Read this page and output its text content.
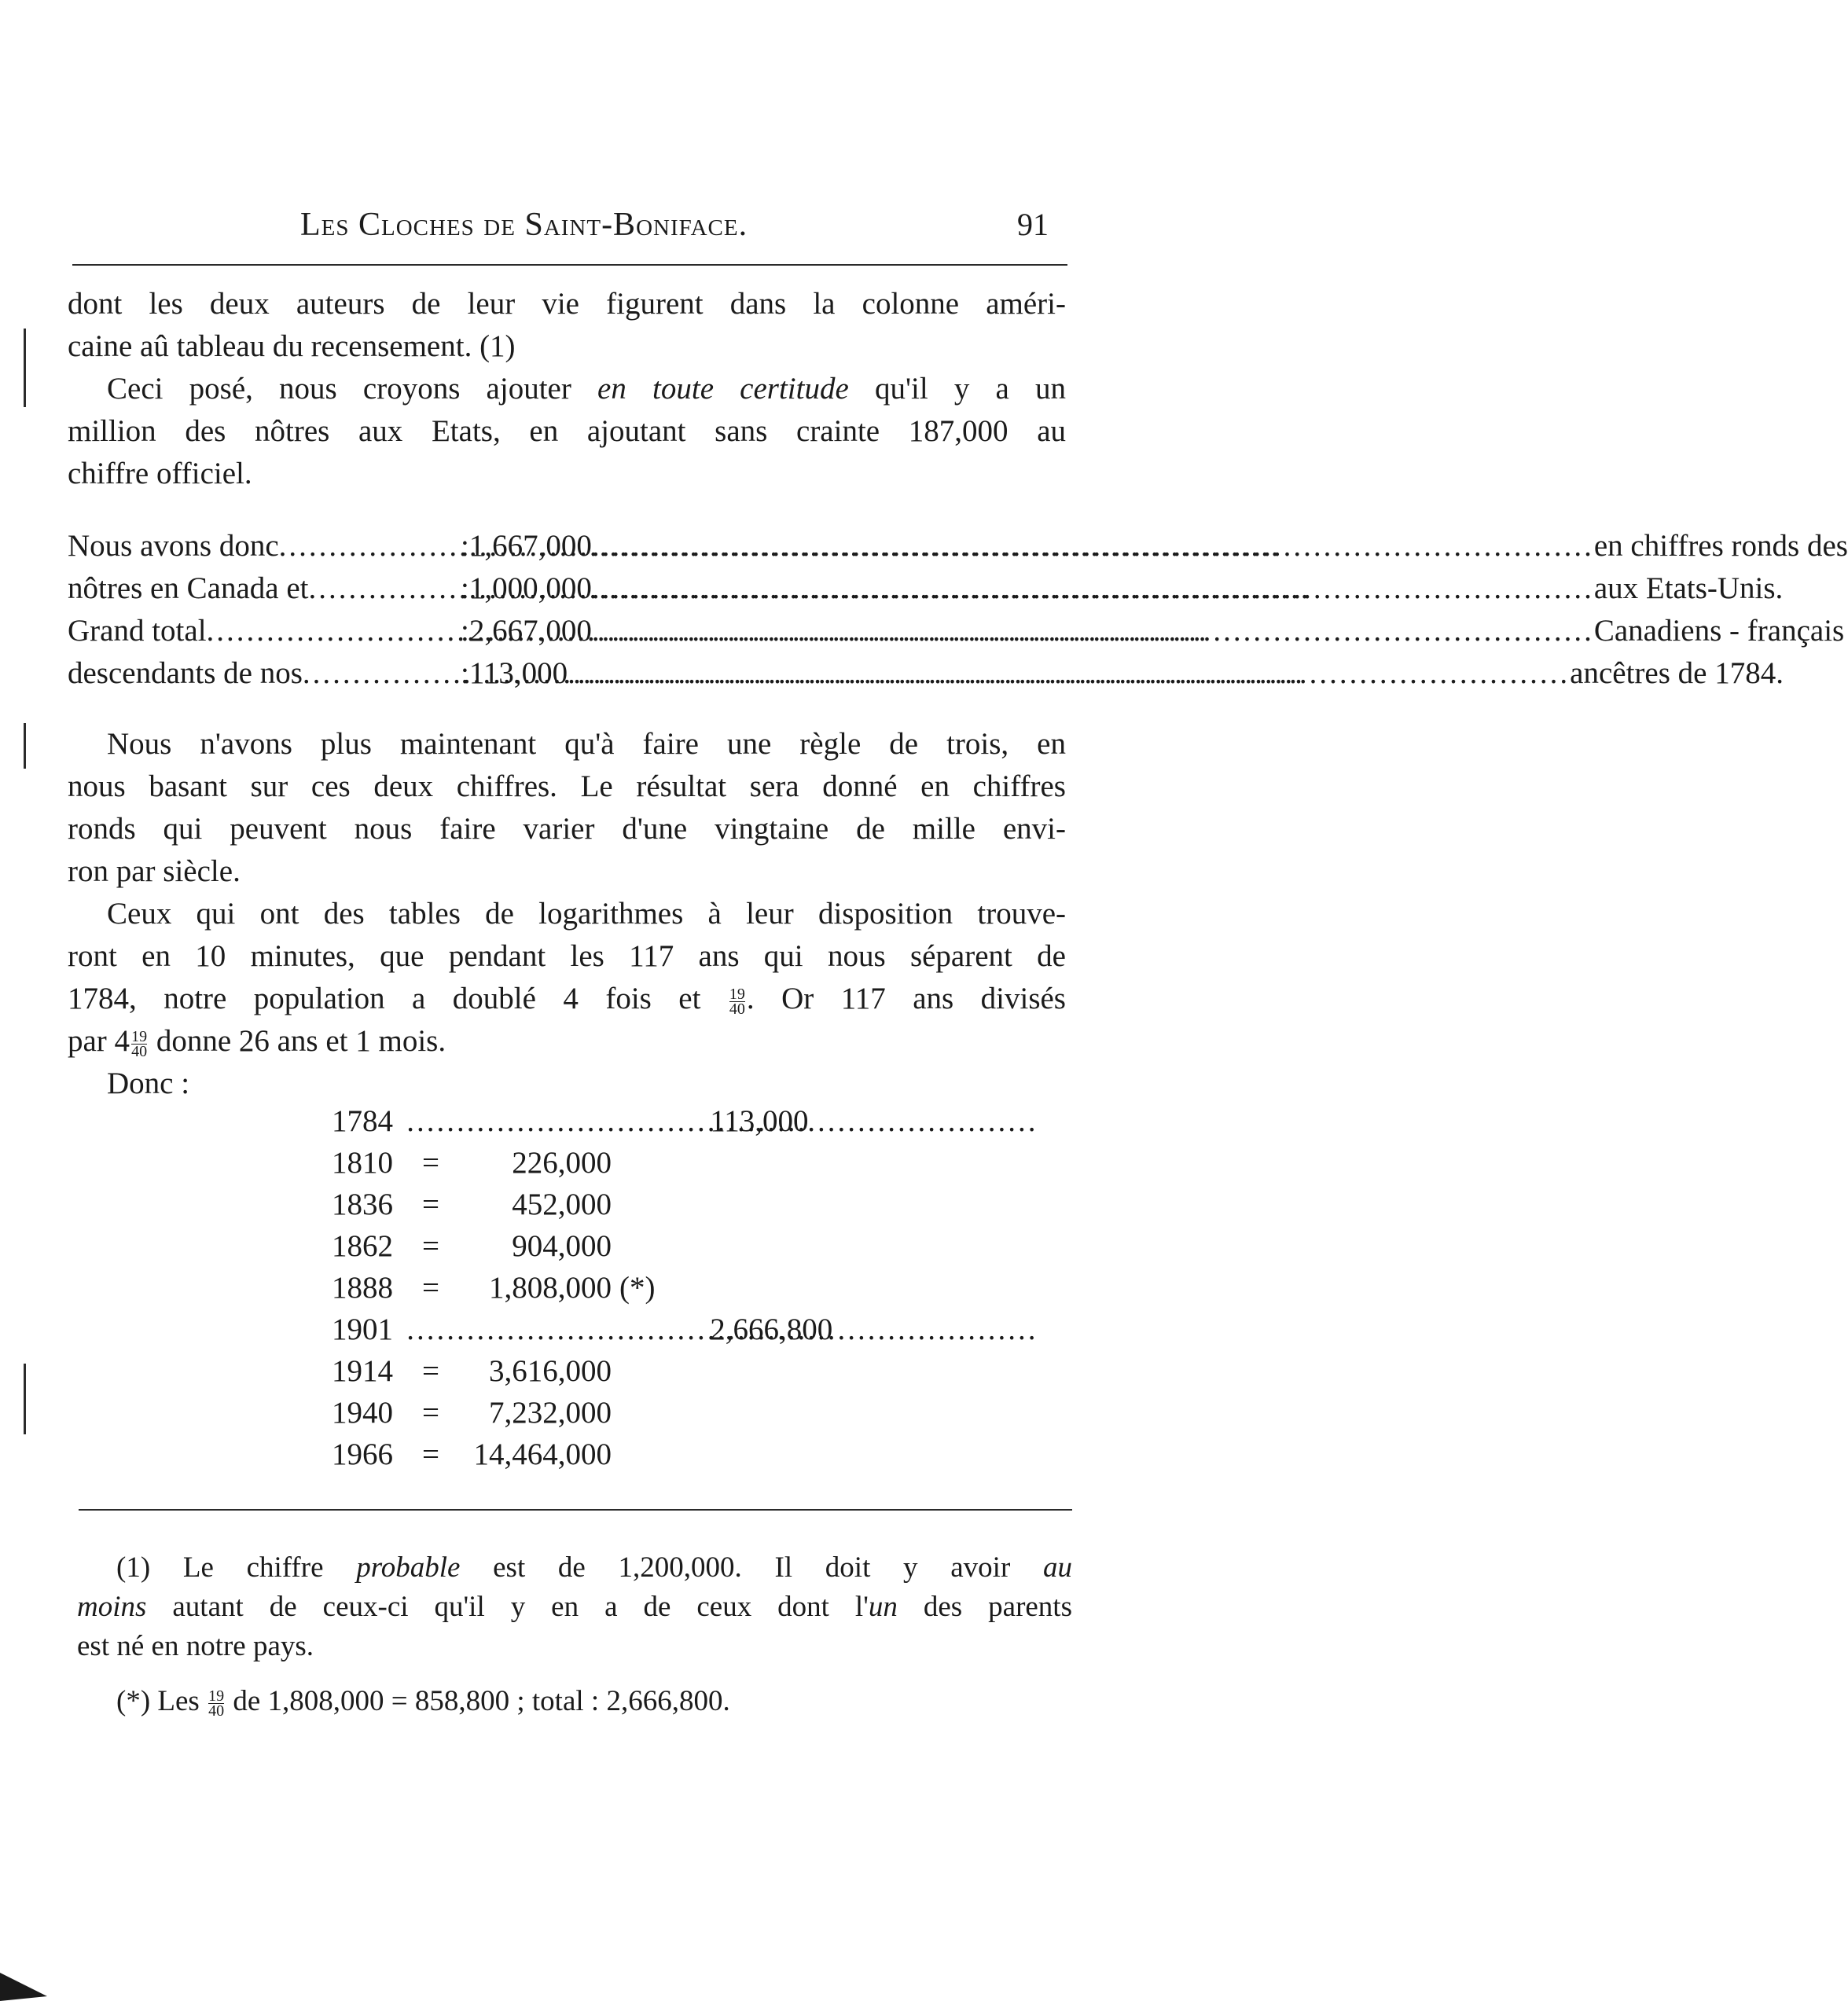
Les Cloches de Saint-Boniface.	91
dont les deux auteurs de leur vie figurent dans la colonne améri-
caine aû tableau du recensement. (1)
Ceci posé, nous croyons ajouter en toute certitude qu'il y a un
million des nôtres aux Etats, en ajoutant sans crainte 187,000 au
chiffre officiel.
Nous avons donc .....	: 1,667,000 .....	en chiffres ronds des
nôtres en Canada et .....	: 1,000,000 .....	aux Etats-Unis.
Grand total .....	: 2,667,000 .....	Canadiens - français
descendants de nos .....	: 113,000 .....	ancêtres de 1784.
Nous n'avons plus maintenant qu'à faire une règle de trois, en
nous basant sur ces deux chiffres. Le résultat sera donné en chiffres
ronds qui peuvent nous faire varier d'une vingtaine de mille envi-
ron par siècle.
Ceux qui ont des tables de logarithmes à leur disposition trouve-
ront en 10 minutes, que pendant les 117 ans qui nous séparent de
1784, notre population a doublé 4 fois et $\frac{19}{40}$ . Or 117 ans divisés
par $4 \frac{19}{40}$ donne 26 ans et 1 mois.
Donc :
1784 .....	113,000
1810 =	226,000
1836 =	452,000
1862 =	904,000
1888 =	1,808,000 (*)
1901 .....	2,666,800
1914 =	3,616,000
1940 =	7,232,000
1966 =	14,464,000
(1) Le chiffre probable est de 1,200,000. Il doit y avoir au
moins autant de ceux-ci qu'il y en a de ceux dont l'un des parents
est né en notre pays.
(*) Les $\frac{19}{40}$ de 1,808,000 = 858,800 ; total : 2,666,800.
